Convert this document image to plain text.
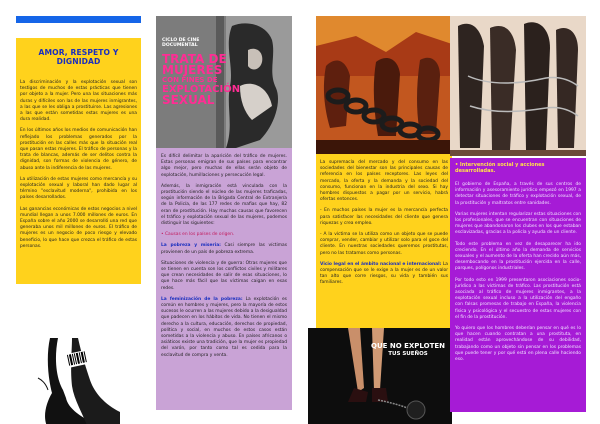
AMOR, RESPETO Y DIGNIDAD

La discriminación y la explotación sexual son testigos de muchos de estas prácticas que tienen por objeto a la mujer. Pero una las situaciones más duras y difíciles son las de las mujeres inmigrantes, a las que se les obliga a prostituirse. Las agresiones a las que están sometidas estas mujeres es una dura realidad.

En los últimos años los medios de comunicación han reflejado los problemas generados por la prostitución en las calles más que la situación real que pasan estas mujeres. El tráfico de personas y la trata de blancas, además de ser delitos contra la dignidad, son formas de violencia de género, de abuso ante la indiferencia de las mujeres.

La utilización de estas mujeres como mercancía y su explotación sexual y laboral han dado lugar al término "esclavitud moderna", prohibida en los países desarrollados.

Las ganancias económicas de estos negocios a nivel mundial llegan a unos 7.000 millones de euros. En España sobre el año 2000 se desarrolló una red que generaba unos mil millones de euros. El tráfico de mujeres es un negocio de poco riesgo y elevado beneficio, lo que hace que crezca el tráfico de estas personas.

CICLO DE CINE
DOCUMENTAL
TRATA DE
MUJERES
CON FINES DE
EXPLOTACIÓN
SEXUAL

Es difícil delimitar la aparición del tráfico de mujeres. Estas personas emigran de sus países para encontrar algo mejor, pero muchas de ellas serán objeto de explotación, humillaciones y persecución legal.

Además, la inmigración está vinculada con la prostitución siendo el núcleo de las mujeres traficadas, según información de la Brigada Central de Extranjería de la Policía, de las 177 redes de mafias que hay, 82 eran de prostitución. Hay muchas causas que favorecen el tráfico y explotación sexual de las mujeres, podemos distinguir las siguientes:

• Causas en los países de origen.

La pobreza y miseria: Casi siempre las víctimas provienen de un país de pobreza extrema.

Situaciones de violencia y de guerra: Otras mujeres que se tienen en cuenta son los conflictos civiles y militares que crean necesidades de salir de esas situaciones, lo que hace más fácil que las víctimas caigan en esas redes.

La feminización de la pobreza: La explotación es común en hombres y mujeres, pero la mayoría de estos sucesos le ocurren a las mujeres debido a la desigualdad que padecen en los hábitos de vida. No tienen el mismo derecho a la cultura, educación, derechos de propiedad, política y social, en muchos de estos casos están sometidas a la violencia y abuso. En países africanos o asiáticos existe una tradición, que la mujer es propiedad del varón, por tanto como tal es cedida para la esclavitud de compra y venta.

La supremacía del mercado y del consumo en las sociedades del bienestar son las principales causas de referencia en los países receptores. Las leyes del mercado, la oferta y la demanda y la sociedad del consumo, funcionan en la industria del sexo. Si hay hombres dispuestos a pagar por un servicio, habrá ofertas entonces.

- En muchos países la mujer es la mercancía perfecta para satisfacer las necesidades del cliente que genera riquezas y crea empleo.

- A la víctima se la utiliza como un objeto que se puede comprar, vender, cambiar y utilizar solo para el goce del cliente. En nuestras sociedades queremos prostitutas, pero no las tratamos como personas.

Vicio legal en el ámbito nacional e internacional: La compensación que se le exige a la mujer es de un valor tan alto que corre riesgos, su vida y también sus familiares.

QUE NO EXPLOTEN
TUS SUEÑOS
• Intervención social y acciones desarrolladas.

El gobierno de España, a través de sus centros de información y asesoramiento jurídico empezó en 1997 a detectar situaciones de tráfico y explotación sexual, de la prostitución y maltratos entre sanidades.

Varias mujeres intentan regularizar estas situaciones con los profesionales, que se encuentran con situaciones de mujeres que abandonaron los clubes en los que estaban esclavizadas, gracias a la policía y ayuda de un cliente.

Todo este problema en vez de desaparecer ha ido creciendo. En el último año la demanda de servicios sexuales y el aumento de la oferta han crecido aún más, desembocando en la prostitución ejercida en la calle, parques, polígonos industriales.

Por todo esto en 1999 presentaron asociaciones socio-jurídico a las víctimas de tráfico. Las prostitución está asociada al tráfico de mujeres inmigrantes, a la explotación sexual incluso a la utilización del engaño con falsas promesas de trabajo en España, la violencia física y psicológica y el secuestro de estas mujeres con el fin de la prostitución.

Yo quiero que los hombres deberían pensar en qué es lo que hacen cuando contratan a una prostituta, en realidad están aprovechándose de su debilidad, trabajando como un objeto sin pensar en los problemas que puede tener y por qué está en plena calle haciendo eso.
